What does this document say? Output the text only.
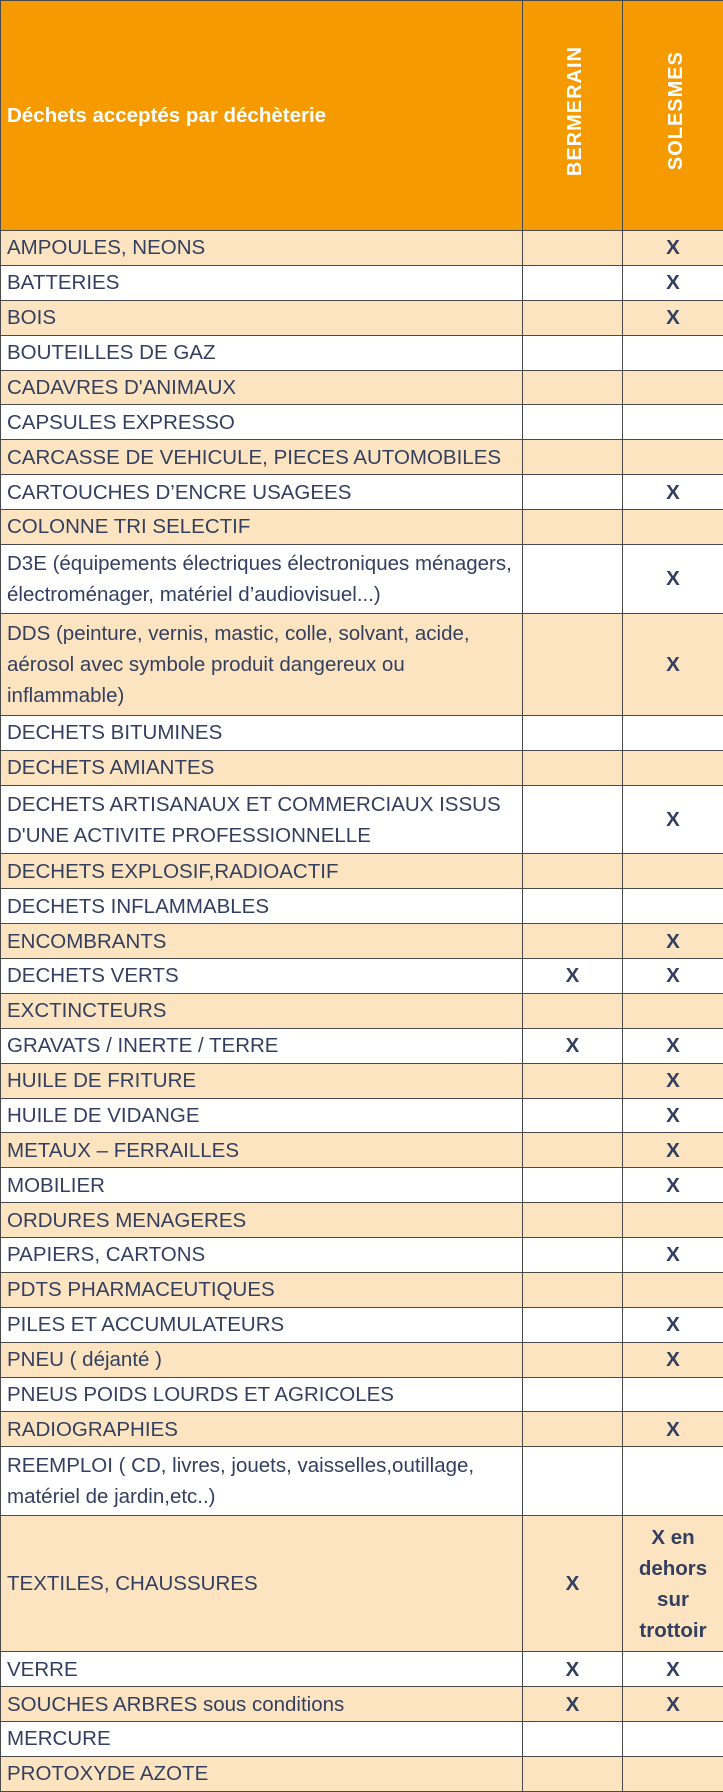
Déchets acceptés par déchèterie	BERMERAIN	SOLESMES
AMPOULES, NEONS		X
BATTERIES		X
BOIS		X
BOUTEILLES DE GAZ		
CADAVRES D'ANIMAUX		
CAPSULES EXPRESSO		
CARCASSE DE VEHICULE, PIECES AUTOMOBILES		
CARTOUCHES D’ENCRE USAGEES		X
COLONNE TRI SELECTIF		
D3E (équipements électriques électroniques ménagers, électroménager, matériel d’audiovisuel...)		X
DDS (peinture, vernis, mastic, colle, solvant, acide, aérosol avec symbole produit dangereux ou inflammable)		X
DECHETS BITUMINES		
DECHETS AMIANTES		
DECHETS ARTISANAUX ET COMMERCIAUX ISSUS D'UNE ACTIVITE PROFESSIONNELLE		X
DECHETS EXPLOSIF,RADIOACTIF		
DECHETS INFLAMMABLES		
ENCOMBRANTS		X
DECHETS VERTS	X	X
EXCTINCTEURS		
GRAVATS / INERTE / TERRE	X	X
HUILE DE FRITURE		X
HUILE DE VIDANGE		X
METAUX – FERRAILLES		X
MOBILIER		X
ORDURES MENAGERES		
PAPIERS, CARTONS		X
PDTS PHARMACEUTIQUES		
PILES ET ACCUMULATEURS		X
PNEU ( déjanté )		X
PNEUS POIDS LOURDS ET AGRICOLES		
RADIOGRAPHIES		X
REEMPLOI ( CD, livres, jouets, vaisselles,outillage, matériel de jardin,etc..)		
TEXTILES, CHAUSSURES	X	X en dehors sur trottoir
VERRE	X	X
SOUCHES ARBRES sous conditions	X	X
MERCURE		
PROTOXYDE AZOTE		
